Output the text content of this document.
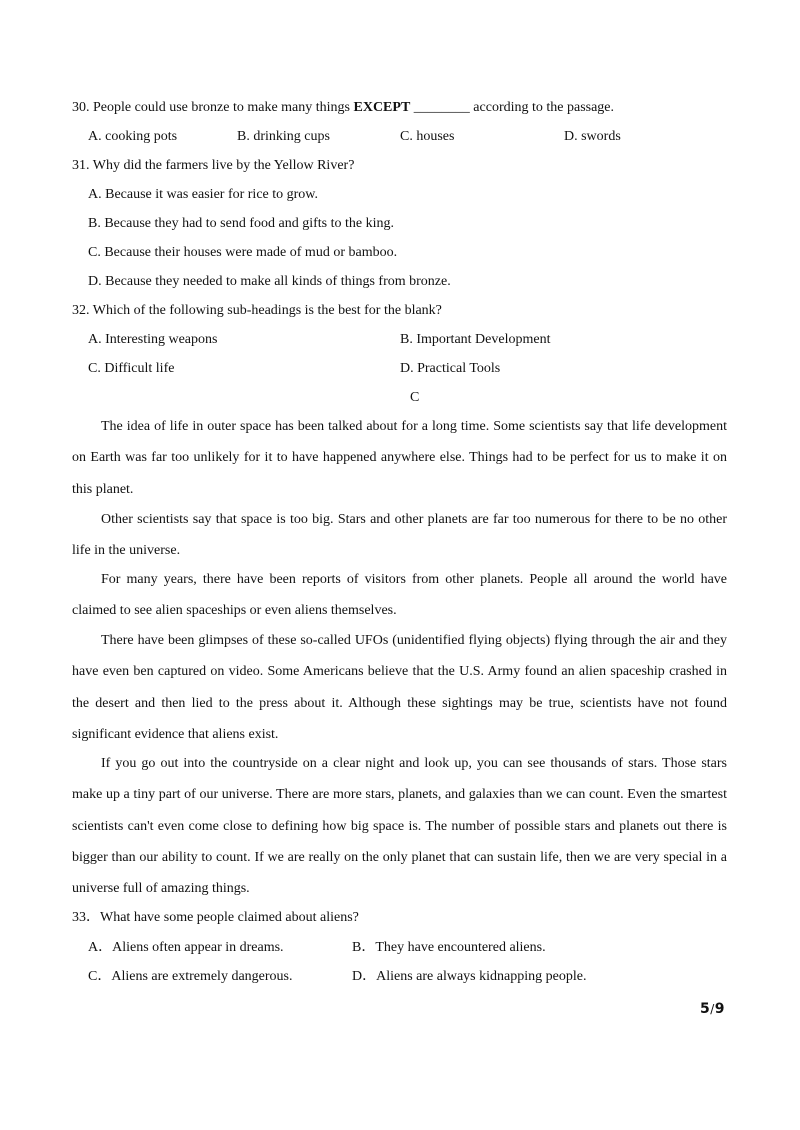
30. People could use bronze to make many things EXCEPT ________ according to the passage.
A. cooking pots	B. drinking cups	C. houses	D. swords
31. Why did the farmers live by the Yellow River?
A. Because it was easier for rice to grow.
B. Because they had to send food and gifts to the king.
C. Because their houses were made of mud or bamboo.
D. Because they needed to make all kinds of things from bronze.
32. Which of the following sub-headings is the best for the blank?
A. Interesting weapons	B. Important Development
C. Difficult life	D. Practical Tools
C
The idea of life in outer space has been talked about for a long time. Some scientists say that life development on Earth was far too unlikely for it to have happened anywhere else. Things had to be perfect for us to make it on this planet.
Other scientists say that space is too big. Stars and other planets are far too numerous for there to be no other life in the universe.
For many years, there have been reports of visitors from other planets. People all around the world have claimed to see alien spaceships or even aliens themselves.
There have been glimpses of these so-called UFOs (unidentified flying objects) flying through the air and they have even ben captured on video. Some Americans believe that the U.S. Army found an alien spaceship crashed in the desert and then lied to the press about it. Although these sightings may be true, scientists have not found significant evidence that aliens exist.
If you go out into the countryside on a clear night and look up, you can see thousands of stars. Those stars make up a tiny part of our universe. There are more stars, planets, and galaxies than we can count. Even the smartest scientists can't even come close to defining how big space is. The number of possible stars and planets out there is bigger than our ability to count. If we are really on the only planet that can sustain life, then we are very special in a universe full of amazing things.
33．What have some people claimed about aliens?
A．Aliens often appear in dreams.	B．They have encountered aliens.
C．Aliens are extremely dangerous.	D．Aliens are always kidnapping people.
5/9
